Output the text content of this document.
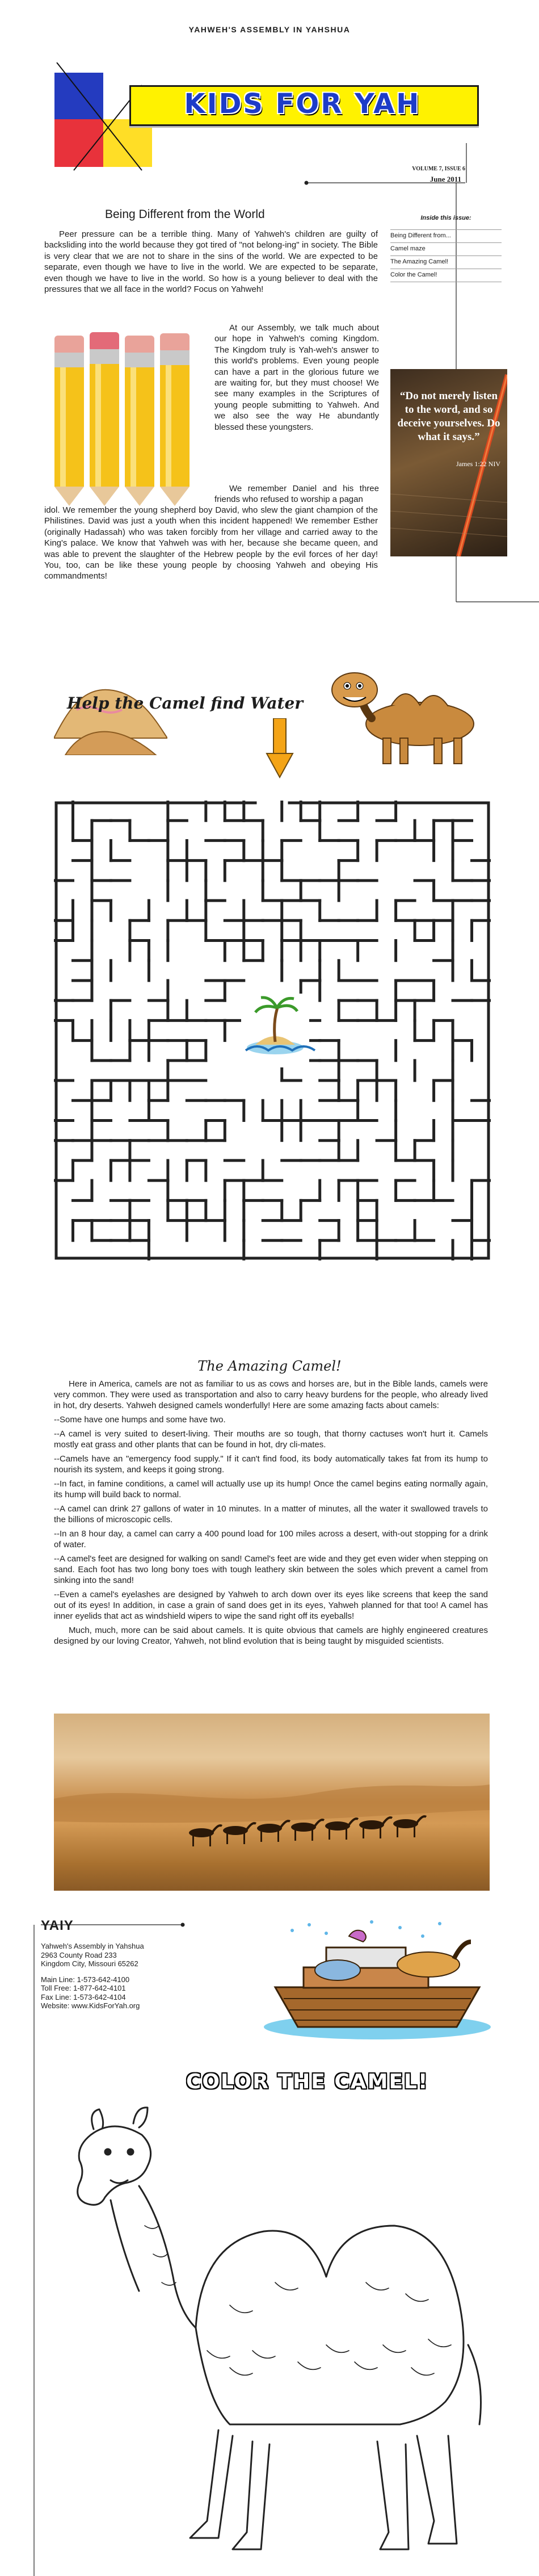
YAHWEH'S ASSEMBLY IN YAHSHUA
KIDS FOR YAH
VOLUME 7, ISSUE 6
June 2011
Being Different from the World
Peer pressure can be a terrible thing. Many of Yahweh's children are guilty of backsliding into the world because they got tired of "not belong-ing" in society. The Bible is very clear that we are not to share in the sins of the world. We are expected to be separate, even though we have to live in the world. We are expected to be separate, even though we have to live in the world. So how is a young believer to deal with the pressures that we all face in the world? Focus on Yahweh!
At our Assembly, we talk much about our hope in Yahweh's coming Kingdom. The Kingdom truly is Yah-weh's answer to this world's problems. Even young people can have a part in the glorious future we are waiting for, but they must choose! We see many examples in the Scriptures of young people submitting to Yahweh. And we also see the way He abundantly blessed these youngsters.
We remember Daniel and his three friends who refused to worship a pagan
idol. We remember the young shepherd boy David, who slew the giant champion of the Philistines. David was just a youth when this incident happened! We remember Esther (originally Hadassah) who was taken forcibly from her village and carried away to the King's palace. We know that Yahweh was with her, because she became queen, and was able to prevent the slaughter of the Hebrew people by the evil forces of her day! You, too, can be like these young people by choosing Yahweh and obeying His commandments!
Inside this issue:
Being Different from...
Camel maze
The Amazing Camel!
Color the Camel!
“Do not merely listen to the word, and so deceive yourselves. Do what it says.”
James 1:22 NIV
Help the Camel find Water
The Amazing Camel!

Here in America, camels are not as familiar to us as cows and horses are, but in the Bible lands, camels were very common. They were used as transportation and also to carry heavy burdens for the people, who already lived in hot, dry deserts. Yahweh designed camels wonderfully! Here are some amazing facts about camels:

--Some have one humps and some have two.

--A camel is very suited to desert-living. Their mouths are so tough, that thorny cactuses won't hurt it. Camels mostly eat grass and other plants that can be found in hot, dry cli-mates.

--Camels have an "emergency food supply." If it can't find food, its body automatically takes fat from its hump to nourish its system, and keeps it going strong.

--In fact, in famine conditions, a camel will actually use up its hump! Once the camel begins eating normally again, its hump will build back to normal.

--A camel can drink 27 gallons of water in 10 minutes. In a matter of minutes, all the water it swallowed travels to the billions of microscopic cells.

--In an 8 hour day, a camel can carry a 400 pound load for 100 miles across a desert, with-out stopping for a drink of water.

--A camel's feet are designed for walking on sand! Camel's feet are wide and they get even wider when stepping on sand. Each foot has two long bony toes with tough leathery skin between the soles which prevent a camel from sinking into the sand!

--Even a camel's eyelashes are designed by Yahweh to arch down over its eyes like screens that keep the sand out of its eyes! In addition, in case a grain of sand does get in its eyes, Yahweh planned for that too! A camel has inner eyelids that act as windshield wipers to wipe the sand right off its eyeballs!

Much, much, more can be said about camels. It is quite obvious that camels are highly engineered creatures designed by our loving Creator, Yahweh, not blind evolution that is being taught by misguided scientists.

YAIY
Yahweh's Assembly in Yahshua
2963 County Road 233
Kingdom City, Missouri 65262
Main Line: 1-573-642-4100
Toll Free: 1-877-642-4101
Fax Line: 1-573-642-4104
Website: www.KidsForYah.org
COLOR THE CAMEL!
